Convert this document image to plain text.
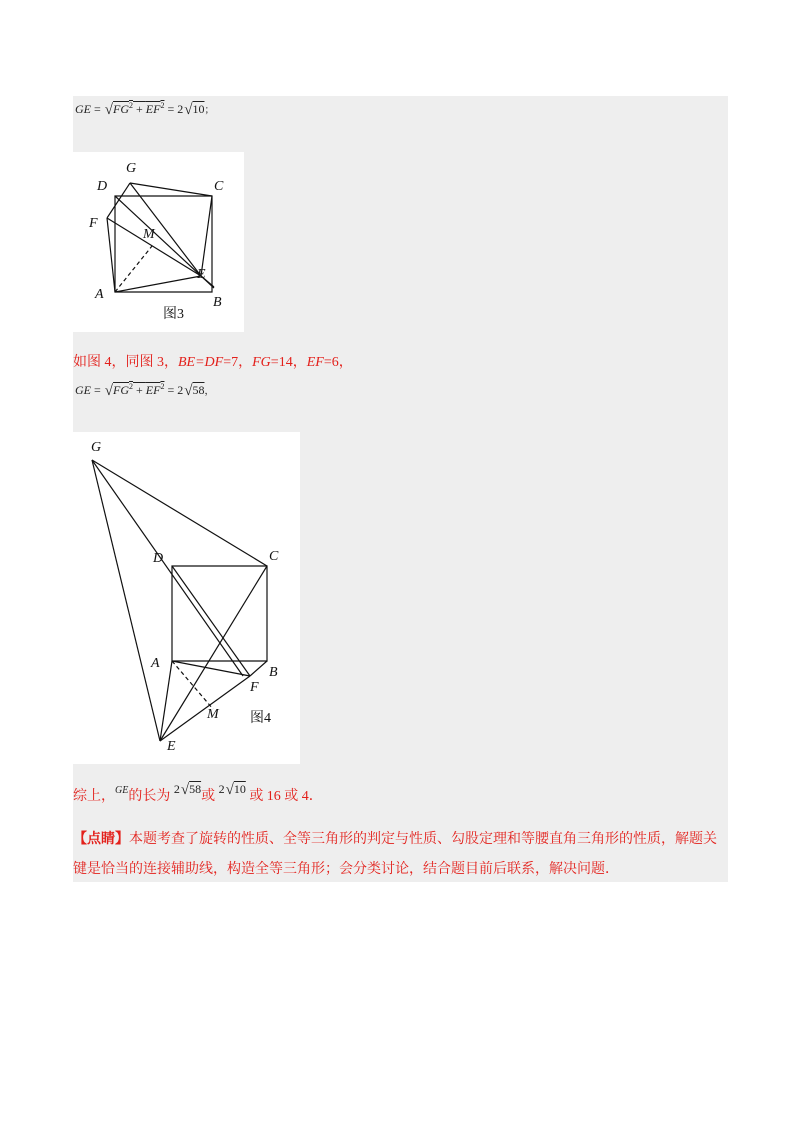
GE = $√FG^2 + EF^2 = 2√10$；
G
D	C
F
M
E
A
B
图3
如图 4，同图 3，BE=DF=7，FG=14，EF=6，
GE = $√FG^2 + EF^2 = 2√58$，
G
D	C
A
B
F
M
E
图4
综上，$^{GE}$的长为 2√58或 2√10 或 16 或 4．
【点睛】本题考查了旋转的性质、全等三角形的判定与性质、勾股定理和等腰直角三角形的性质，解题关键是恰当的连接辅助线，构造全等三角形；会分类讨论，结合题目前后联系，解决问题．
